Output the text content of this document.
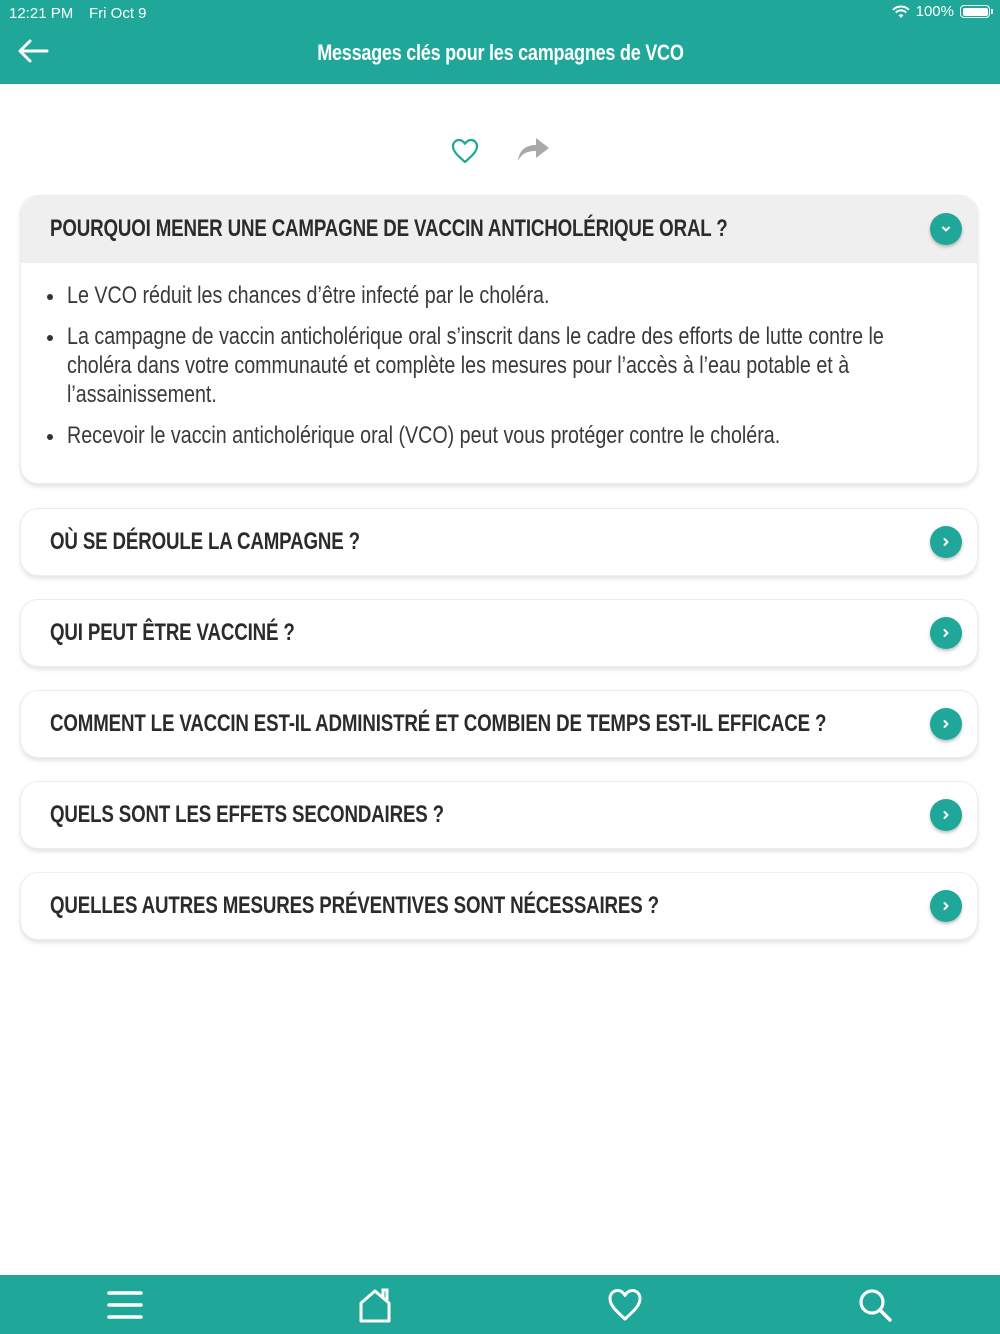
12:21 PM Fri Oct 9	100%
Messages clés pour les campagnes de VCO
POURQUOI MENER UNE CAMPAGNE DE VACCIN ANTICHOLÉRIQUE ORAL ?
Le VCO réduit les chances d’être infecté par le choléra.
La campagne de vaccin anticholérique oral s’inscrit dans le cadre des efforts de lutte contre le choléra dans votre communauté et complète les mesures pour l’accès à l’eau potable et à l’assainissement.
Recevoir le vaccin anticholérique oral (VCO) peut vous protéger contre le choléra.
OÙ SE DÉROULE LA CAMPAGNE ?
QUI PEUT ÊTRE VACCINÉ ?
COMMENT LE VACCIN EST-IL ADMINISTRÉ ET COMBIEN DE TEMPS EST-IL EFFICACE ?
QUELS SONT LES EFFETS SECONDAIRES ?
QUELLES AUTRES MESURES PRÉVENTIVES SONT NÉCESSAIRES ?
